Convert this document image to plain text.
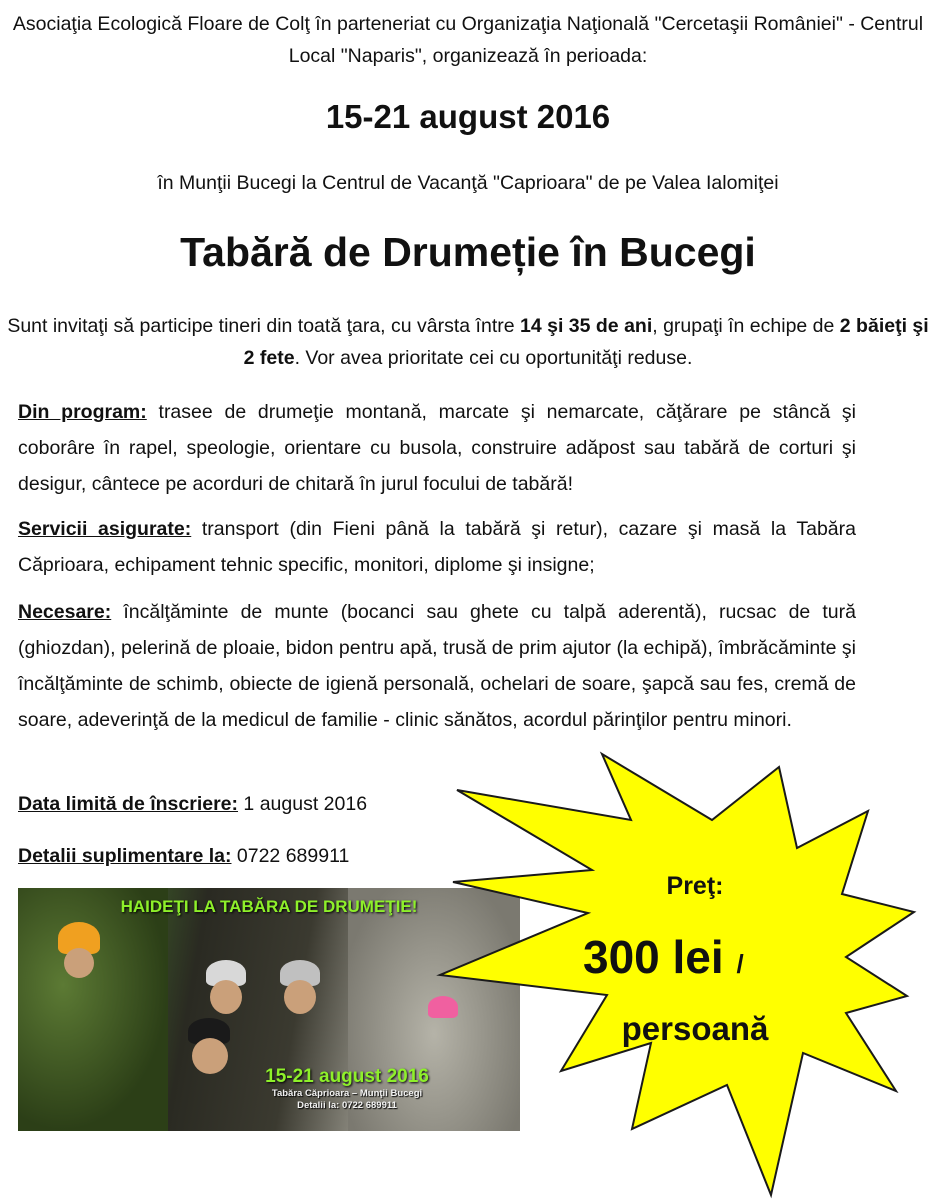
Asociaţia Ecologică Floare de Colţ în parteneriat cu Organizaţia Naţională "Cercetaşii României" - Centrul Local "Naparis", organizează în perioada:
15-21 august 2016
în Munţii Bucegi la Centrul de Vacanţă "Caprioara" de pe Valea Ialomiţei
Tabără de Drumeție în Bucegi
Sunt invitaţi să participe tineri din toată ţara, cu vârsta între 14 şi 35 de ani, grupaţi în echipe de 2 băieţi şi 2 fete. Vor avea prioritate cei cu oportunităţi reduse.
Din program: trasee de drumeţie montană, marcate şi nemarcate, căţărare pe stâncă şi coborâre în rapel, speologie, orientare cu busola, construire adăpost sau tabără de corturi şi desigur, cântece pe acorduri de chitară în jurul focului de tabără!
Servicii asigurate: transport (din Fieni până la tabără şi retur), cazare şi masă la Tabăra Căprioara, echipament tehnic specific, monitori, diplome şi insigne;
Necesare: încălţăminte de munte (bocanci sau ghete cu talpă aderentă), rucsac de tură (ghiozdan), pelerină de ploaie, bidon pentru apă, trusă de prim ajutor (la echipă), îmbrăcăminte şi încălţăminte de schimb, obiecte de igienă personală, ochelari de soare, şapcă sau fes, cremă de soare, adeverinţă de la medicul de familie - clinic sănătos, acordul părinţilor pentru minori.
Data limită de înscriere: 1 august 2016
Detalii suplimentare la: 0722 689911
HAIDEŢI LA TABĂRA DE DRUMEŢIE!
15-21 august 2016
Tabăra Căprioara – Munţii Bucegi
Detalii la: 0722 689911
Preţ:
300 lei /
persoană
